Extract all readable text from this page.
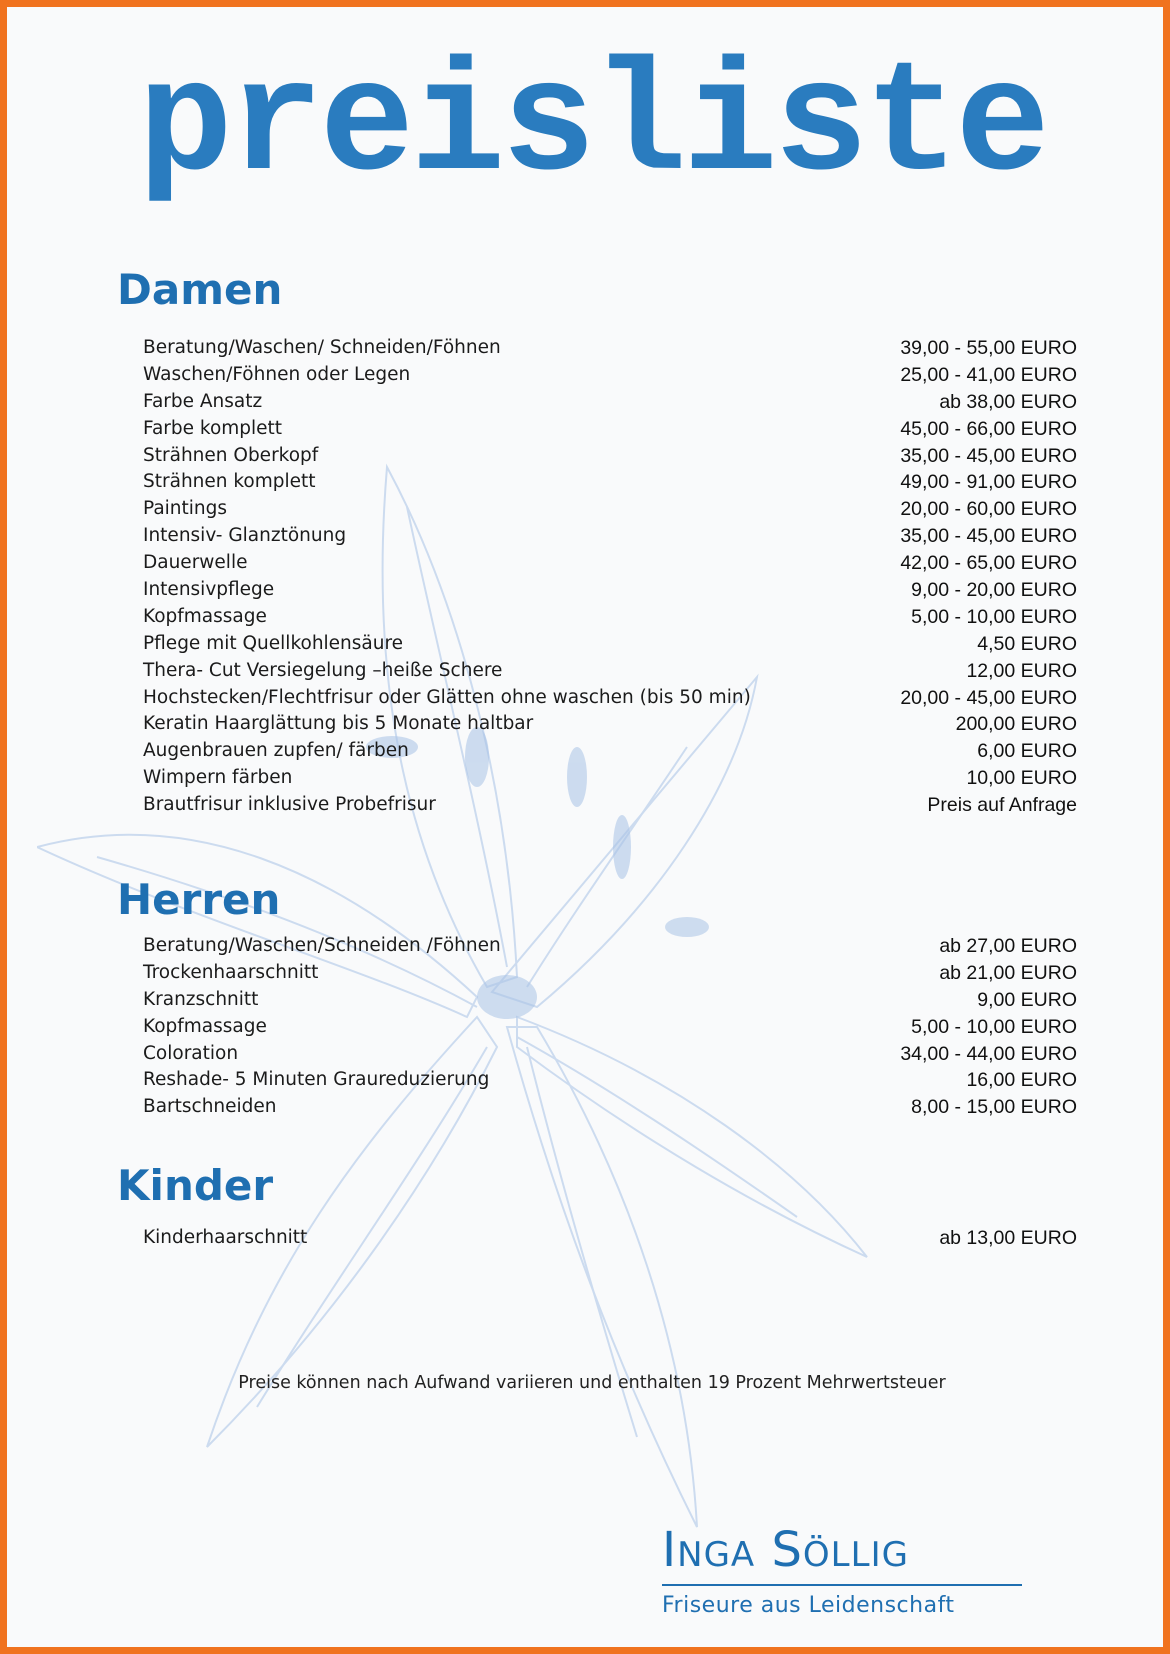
preisliste
Damen
Beratung/Waschen/ Schneiden/Föhnen	39,00 - 55,00 EURO
Waschen/Föhnen oder Legen	25,00 - 41,00 EURO
Farbe Ansatz	ab 38,00 EURO
Farbe komplett	45,00 - 66,00 EURO
Strähnen Oberkopf	35,00 - 45,00 EURO
Strähnen komplett	49,00 - 91,00 EURO
Paintings	20,00 - 60,00 EURO
Intensiv- Glanztönung	35,00 - 45,00 EURO
Dauerwelle	42,00 - 65,00 EURO
Intensivpflege	9,00 - 20,00 EURO
Kopfmassage	5,00 - 10,00 EURO
Pflege mit Quellkohlensäure	4,50 EURO
Thera- Cut Versiegelung –heiße Schere	12,00 EURO
Hochstecken/Flechtfrisur oder Glätten ohne waschen (bis 50 min)	20,00 - 45,00 EURO
Keratin Haarglättung bis 5 Monate haltbar	200,00 EURO
Augenbrauen zupfen/ färben	6,00 EURO
Wimpern färben	10,00 EURO
Brautfrisur inklusive Probefrisur	Preis auf Anfrage
Herren
Beratung/Waschen/Schneiden /Föhnen	ab 27,00 EURO
Trockenhaarschnitt	ab 21,00 EURO
Kranzschnitt	9,00 EURO
Kopfmassage	5,00 - 10,00 EURO
Coloration	34,00 - 44,00 EURO
Reshade- 5 Minuten Graureduzierung	16,00 EURO
Bartschneiden	8,00 - 15,00 EURO
Kinder
Kinderhaarschnitt	ab 13,00 EURO
Preise können nach Aufwand variieren und enthalten 19 Prozent Mehrwertsteuer
Inga Söllig
Friseure aus Leidenschaft
